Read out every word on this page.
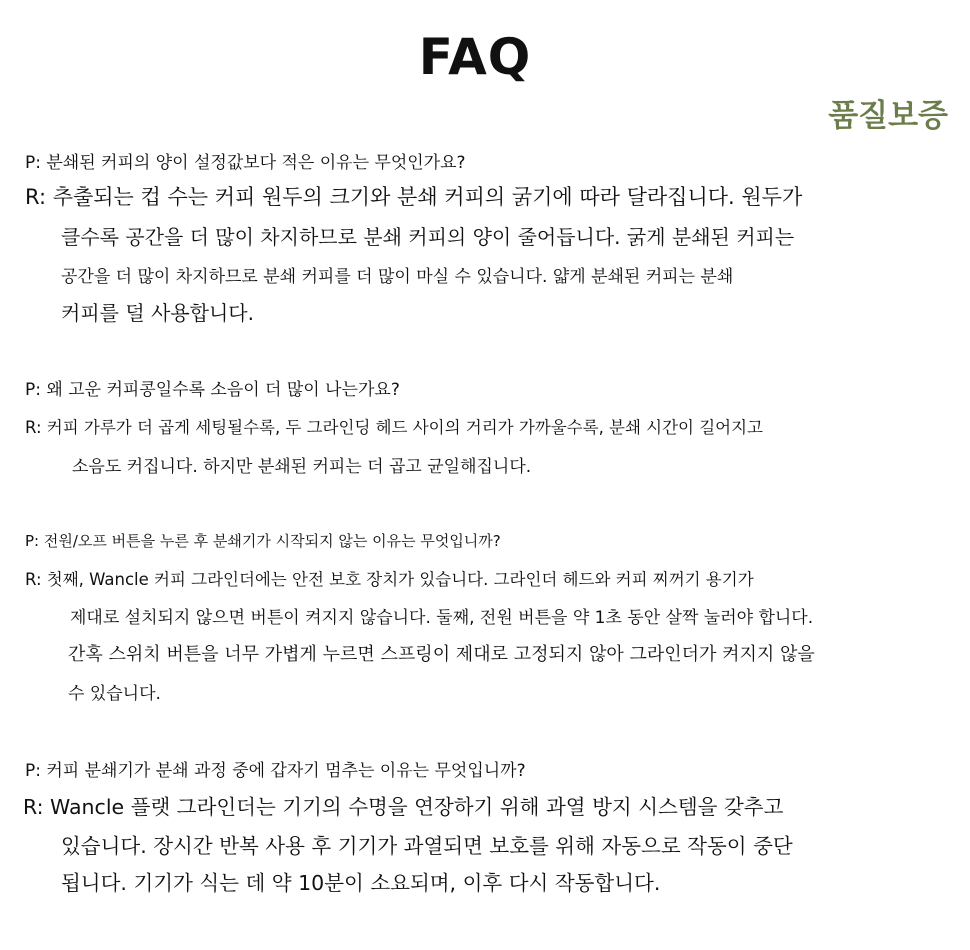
FAQ
품질보증
P: 분쇄된 커피의 양이 설정값보다 적은 이유는 무엇인가요?
R: 추출되는 컵 수는 커피 원두의 크기와 분쇄 커피의 굵기에 따라 달라집니다. 원두가
클수록 공간을 더 많이 차지하므로 분쇄 커피의 양이 줄어듭니다. 굵게 분쇄된 커피는
공간을 더 많이 차지하므로 분쇄 커피를 더 많이 마실 수 있습니다. 얇게 분쇄된 커피는 분쇄
커피를 덜 사용합니다.
P: 왜 고운 커피콩일수록 소음이 더 많이 나는가요?
R: 커피 가루가 더 곱게 세팅될수록, 두 그라인딩 헤드 사이의 거리가 가까울수록, 분쇄 시간이 길어지고
소음도 커집니다. 하지만 분쇄된 커피는 더 곱고 균일해집니다.
P: 전원/오프 버튼을 누른 후 분쇄기가 시작되지 않는 이유는 무엇입니까?
R: 첫째, Wancle 커피 그라인더에는 안전 보호 장치가 있습니다. 그라인더 헤드와 커피 찌꺼기 용기가
제대로 설치되지 않으면 버튼이 켜지지 않습니다. 둘째, 전원 버튼을 약 1초 동안 살짝 눌러야 합니다.
간혹 스위치 버튼을 너무 가볍게 누르면 스프링이 제대로 고정되지 않아 그라인더가 켜지지 않을
수 있습니다.
P: 커피 분쇄기가 분쇄 과정 중에 갑자기 멈추는 이유는 무엇입니까?
R: Wancle 플랫 그라인더는 기기의 수명을 연장하기 위해 과열 방지 시스템을 갖추고
있습니다. 장시간 반복 사용 후 기기가 과열되면 보호를 위해 자동으로 작동이 중단
됩니다. 기기가 식는 데 약 10분이 소요되며, 이후 다시 작동합니다.
